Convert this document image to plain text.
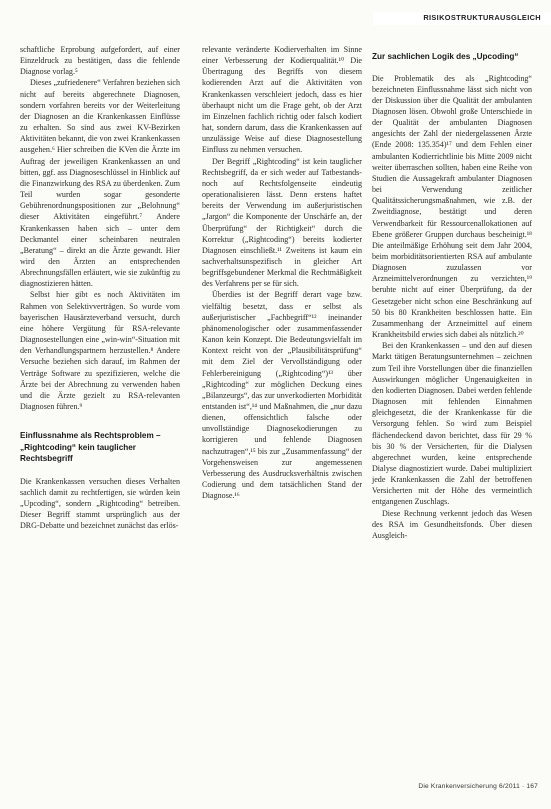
RISIKOSTRUKTURAUSGLEICH

schaftliche Erprobung aufgefordert, auf einer Einzeldruck zu bestätigen, dass die fehlende Diagnose vorlag.⁵

Dieses „zufriedenere“ Verfahren beziehen sich nicht auf bereits abgerechnete Diagnosen, sondern vorfahren bereits vor der Weiterleitung der Diagnosen an die Krankenkassen Einflüsse zu erhalten. So sind aus zwei KV-Bezirken Aktivitäten bekannt, die von zwei Krankenkassen ausgehen.⁶ Hier schreiben die KVen die Ärzte im Auftrag der jeweiligen Krankenkassen an und bitten, ggf. ass Diagnoseschlüssel in Hinblick auf die Finanzwirkung des RSA zu überdenken. Zum Teil wurden sogar gesonderte Gebührenordnungspositionen zur „Belohnung“ dieser Aktivitäten eingeführt.⁷ Andere Krankenkassen haben sich – unter dem Deckmantel einer scheinbaren neutralen „Beratung“ – direkt an die Ärzte gewandt. Hier wird den Ärzten an entsprechenden Abrechnungsfällen erläutert, wie sie zukünftig zu diagnostizieren hätten.

Selbst hier gibt es noch Aktivitäten im Rahmen von Selektivverträgen. So wurde vom bayerischen Hausärzteverband versucht, durch eine höhere Vergütung für RSA-relevante Diagnosestellungen eine „win-win“-Situation mit den Verhandlungspartnern herzustellen.⁸ Andere Versuche beziehen sich darauf, im Rahmen der Verträge Software zu spezifizieren, welche die Ärzte bei der Abrechnung zu verwenden haben und die Ärzte gezielt zu RSA-relevanten Diagnosen führen.⁹

Einflussnahme als Rechtsproblem – „Rightcoding“ kein tauglicher Rechtsbegriff

Die Krankenkassen versuchen dieses Verhalten sachlich damit zu rechtfertigen, sie würden kein „Upcoding“, sondern „Rightcoding“ betreiben. Dieser Begriff stammt ursprünglich aus der DRG-Debatte und bezeichnet zunächst das erlös-

relevante veränderte Kodierverhalten im Sinne einer Verbesserung der Kodierqualität.¹⁰ Die Übertragung des Begriffs von diesem kodierenden Arzt auf die Aktivitäten von Krankenkassen verschleiert jedoch, dass es hier überhaupt nicht um die Frage geht, ob der Arzt im Einzelnen fachlich richtig oder falsch kodiert hat, sondern darum, dass die Krankenkassen auf unzulässige Weise auf diese Diagnosestellung Einfluss zu nehmen versuchen.

Der Begriff „Rightcoding“ ist kein tauglicher Rechtsbegriff, da er sich weder auf Tatbestands- noch auf Rechtsfolgenseite eindeutig operationalisieren lässt. Denn erstens haftet bereits der Verwendung im außerjuristischen „Jargon“ die Komponente der Unschärfe an, der Überprüfung“ der Richtigkeit“ durch die Korrektur („Rightcoding“) bereits kodierter Diagnosen einschließt.¹¹ Zweitens ist kaum ein sachverhaltsunspezifisch in gleicher Art begriffsgebundener Merkmal die Rechtmäßigkeit des Verfahrens per se für sich.

Überdies ist der Begriff derart vage bzw. vielfältig besetzt, dass er selbst als außerjuristischer „Fachbegriff“¹² ineinander phänomenologischer oder zusammenfassender Kanon kein Konzept. Die Bedeutungsvielfalt im Kontext reicht von der „Plausibilitätsprüfung“ mit dem Ziel der Vervollständigung oder Fehlerbereinigung („Rightcoding“)¹³ über „Rightcoding“ zur möglichen Deckung eines „Bilanzeurgs“, das zur unverkodierten Morbidität entstanden ist“,¹⁴ und Maßnahmen, die „nur dazu dienen, offensichtlich falsche oder unvollständige Diagnosekodierungen zu korrigieren und fehlende Diagnosen nachzutragen“,¹⁵ bis zur „Zusammenfassung“ der Vorgehensweisen zur angemessenen Verbesserung des Ausdrucksverhältnis zwischen Codierung und dem tatsächlichen Stand der Diagnose.¹⁶

Zur sachlichen Logik des „Upcoding“

Die Problematik des als „Rightcoding“ bezeichneten Einflussnahme lässt sich nicht von der Diskussion über die Qualität der ambulanten Diagnosen lösen. Obwohl große Unterschiede in der Qualität der ambulanten Diagnosen angesichts der Zahl der niedergelassenen Ärzte (Ende 2008: 135.354)¹⁷ und dem Fehlen einer ambulanten Kodierrichtlinie bis Mitte 2009 nicht weiter überraschen sollten, haben eine Reihe von Studien die Aussagekraft ambulanter Diagnosen bei Verwendung zeitlicher Qualitätssicherungsmaßnahmen, wie z.B. der Zweitdiagnose, bestätigt und deren Verwendbarkeit für Ressourcenallokationen auf Ebene größerer Gruppen durchaus bescheinigt.¹⁸ Die anteilmäßige Erhöhung seit dem Jahr 2004, beim morbiditätsorientierten RSA auf ambulante Diagnosen zuzulassen vor Arzneimittelverordnungen zu verzichten,¹⁹ beruhte nicht auf einer Überprüfung, da der Gesetzgeber nicht schon eine Beschränkung auf 50 bis 80 Krankheiten beschlossen hatte. Ein Zusammenhang der Arzneimittel auf einem Krankheitsbild erwies sich dabei als nützlich.²⁰

Bei den Krankenkassen – und den auf diesen Markt tätigen Beratungsunternehmen – zeichnen zum Teil ihre Vorstellungen über die finanziellen Auswirkungen möglicher Ungenauigkeiten in den kodierten Diagnosen. Dabei werden fehlende Diagnosen mit fehlenden Einnahmen gleichgesetzt, die der Krankenkasse für die Versorgung fehlen. So wird zum Beispiel flächendeckend davon berichtet, dass für 29 % bis 30 % der Versicherten, für die Dialysen abgerechnet wurden, keine entsprechende Dialyse diagnostiziert wurde. Dabei multipliziert jede Krankenkassen die Zahl der betroffenen Versicherten mit der Höhe des vermeintlich entgangenen Zuschlags.

Diese Rechnung verkennt jedoch das Wesen des RSA im Gesundheitsfonds. Über diesen Ausgleich-

Die Krankenversicherung 6/2011 · 167
